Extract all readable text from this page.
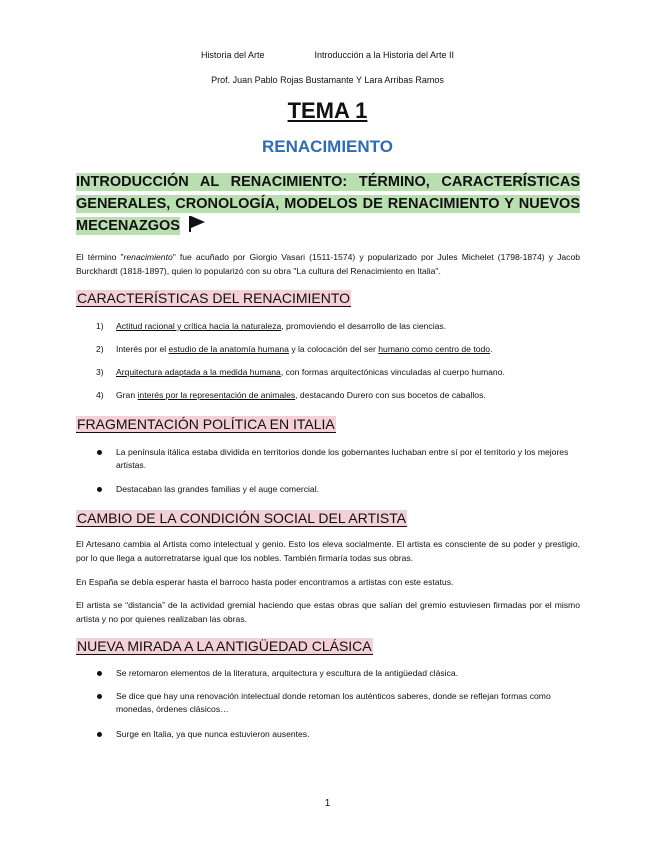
Historia del Arte	Introducción a la Historia del Arte II
Prof. Juan Pablo Rojas Bustamante Y Lara Arribas Ramos
TEMA 1
RENACIMIENTO
INTRODUCCIÓN AL RENACIMIENTO: TÉRMINO, CARACTERÍSTICAS GENERALES, CRONOLOGÍA, MODELOS DE RENACIMIENTO Y NUEVOS MECENAZGOS
El término "renacimiento" fue acuñado por Giorgio Vasari (1511-1574) y popularizado por Jules Michelet (1798-1874) y Jacob Burckhardt (1818-1897), quien lo popularizó con su obra "La cultura del Renacimiento en Italia".
CARACTERÍSTICAS DEL RENACIMIENTO
1) Actitud racional y crítica hacia la naturaleza, promoviendo el desarrollo de las ciencias.
2) Interés por el estudio de la anatomía humana y la colocación del ser humano como centro de todo.
3) Arquitectura adaptada a la medida humana, con formas arquitectónicas vinculadas al cuerpo humano.
4) Gran interés por la representación de animales, destacando Durero con sus bocetos de caballos.
FRAGMENTACIÓN POLÍTICA EN ITALIA
La península itálica estaba dividida en territorios donde los gobernantes luchaban entre sí por el territorio y los mejores artistas.
Destacaban las grandes familias y el auge comercial.
CAMBIO DE LA CONDICIÓN SOCIAL DEL ARTISTA
El Artesano cambia al Artista como intelectual y genio. Esto los eleva socialmente. El artista es consciente de su poder y prestigio, por lo que llega a autorretratarse igual que los nobles. También firmaría todas sus obras.
En España se debía esperar hasta el barroco hasta poder encontramos a artistas con este estatus.
El artista se “distancia” de la actividad gremial haciendo que estas obras que salían del gremio estuviesen firmadas por el mismo artista y no por quienes realizaban las obras.
NUEVA MIRADA A LA ANTIGÜEDAD CLÁSICA
Se retomaron elementos de la literatura, arquitectura y escultura de la antigüedad clásica.
Se dice que hay una renovación intelectual donde retoman los auténticos saberes, donde se reflejan formas como monedas, órdenes clásicos…
Surge en Italia, ya que nunca estuvieron ausentes.
1
